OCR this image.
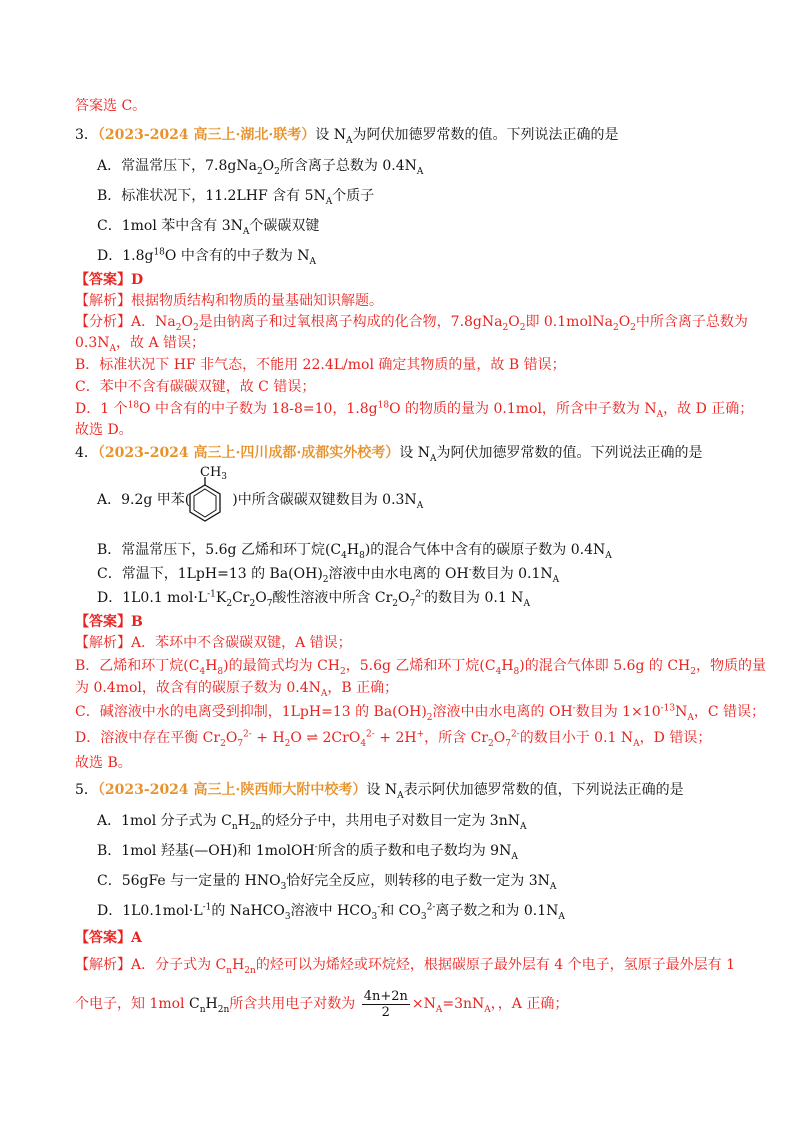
答案选 C。
3．（2023-2024 高三上·湖北·联考）设 $N_A$为阿伏加德罗常数的值。下列说法正确的是
A．常温常压下，$7.8gNa_2O_2$所含离子总数为 $0.4N_A$
B．标准状况下，11.2LHF 含有 $5N_A$个质子
C．1mol 苯中含有 $3N_A$个碳碳双键
D．$1.8g^{18}O$ 中含有的中子数为 $N_A$
【答案】D
【解析】根据物质结构和物质的量基础知识解题。
【分析】A．$Na_2O_2$是由钠离子和过氧根离子构成的化合物，$7.8gNa_2O_2$即 $0.1molNa_2O_2$中所含离子总数为
$0.3N_A$，故 A 错误；
B．标准状况下 HF 非气态，不能用 22.4L/mol 确定其物质的量，故 B 错误；
C．苯中不含有碳碳双键，故 C 错误；
D．1 个$^{18}$O 中含有的中子数为 18-8=10，$1.8g^{18}O$ 的物质的量为 0.1mol，所含中子数为 $N_A$，故 D 正确；
故选 D。
4．（2023-2024 高三上·四川成都·成都实外校考）设 $N_A$为阿伏加德罗常数的值。下列说法正确的是
$CH_3$
A．9.2g 甲苯(	)中所含碳碳双键数目为 $0.3N_A$
B．常温常压下，5.6g 乙烯和环丁烷$(C_4H_8)$的混合气体中含有的碳原子数为 $0.4N_A$
C．常温下，1LpH=13 的 $Ba(OH)_2$溶液中由水电离的 OH-数目为 $0.1N_A$
D．1L0.1 $mol\cdot L^{-1}K_2Cr_2O_7$酸性溶液中所含 $Cr_2O_7^{2-}$的数目为 0.1 $N_A$
【答案】B
【解析】A．苯环中不含碳碳双键，A 错误；
B．乙烯和环丁烷$(C_4H_8)$的最简式均为 $CH_2$，5.6g 乙烯和环丁烷$(C_4H_8)$的混合气体即 5.6g 的 $CH_2$，物质的量
为 0.4mol，故含有的碳原子数为 $0.4N_A$，B 正确；
C．碱溶液中水的电离受到抑制，1LpH=13 的 $Ba(OH)_2$溶液中由水电离的 OH-数目为 $1\times 10^{-13}N_A$，C 错误；
D．溶液中存在平衡 $Cr_2O_7^{2-} + H_2O$ ⇌ 2CrO$_4^{2-}$ + 2H+，所含 $Cr_2O_7^{2-}$的数目小于 0.1 $N_A$，D 错误；
故选 B。
5．（2023-2024 高三上·陕西师大附中校考）设 $N_A$表示阿伏加德罗常数的值，下列说法正确的是
A．1mol 分子式为 $C_nH_{2n}$的烃分子中，共用电子对数目一定为 $3nN_A$
B．1mol 羟基(—OH)和 1molOH-所含的质子数和电子数均为 $9N_A$
C．56gFe 与一定量的 $HNO_3$恰好完全反应，则转移的电子数一定为 $3N_A$
D．$1L0.1mol\cdot L^{-1}$的 NaHCO$_3$溶液中 $HCO_3^-$和 $CO_3^{2-}$离子数之和为 $0.1N_A$
【答案】A
【解析】A．分子式为 $C_nH_{2n}$的烃可以为烯烃或环烷烃，根据碳原子最外层有 4 个电子，氢原子最外层有 1
个电子，知 1mol $C_nH_{2n}$所含共用电子对数为 $\frac{4n+2n}{2} \times N_A=3nN_A$，，A 正确；
